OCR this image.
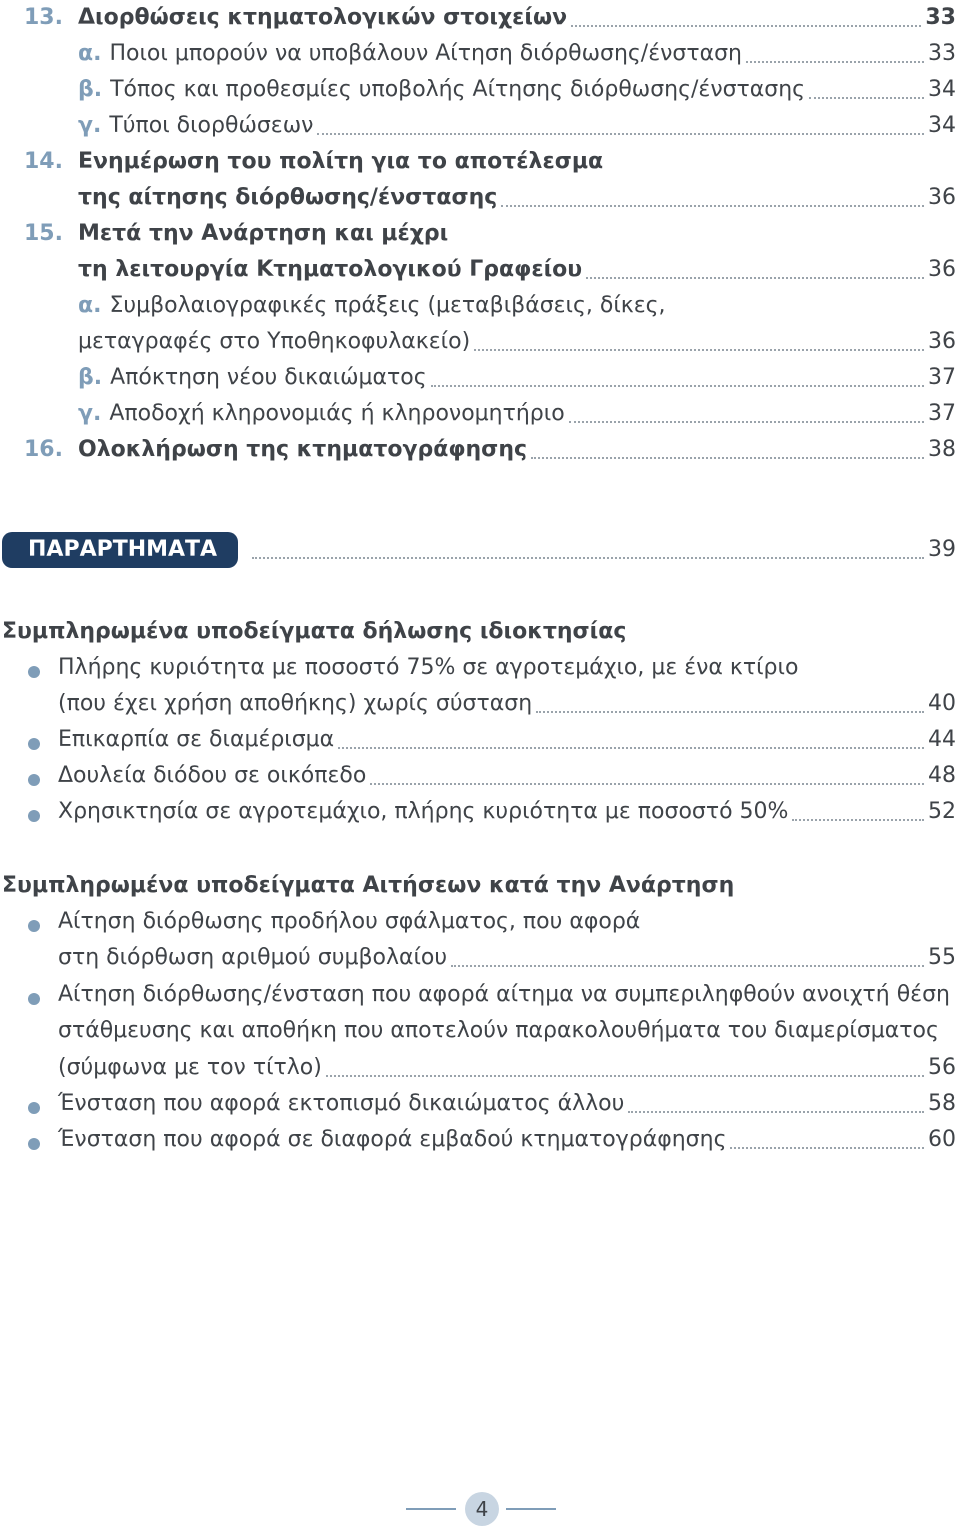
13. Διορθώσεις κτηματολογικών στοιχείων	33
α. Ποιοι μπορούν να υποβάλουν Αίτηση διόρθωσης/ένσταση	33
β. Τόπος και προθεσμίες υποβολής Αίτησης διόρθωσης/ένστασης	34
γ. Τύποι διορθώσεων	34
14. Ενημέρωση του πολίτη για το αποτέλεσμα
της αίτησης διόρθωσης/ένστασης	36
15. Μετά την Ανάρτηση και μέχρι
τη λειτουργία Κτηματολογικού Γραφείου	36
α. Συμβολαιογραφικές πράξεις (μεταβιβάσεις, δίκες,
μεταγραφές στο Υποθηκοφυλακείο)	36
β. Απόκτηση νέου δικαιώματος	37
γ. Αποδοχή κληρονομιάς ή κληρονομητήριο	37
16. Ολοκλήρωση της κτηματογράφησης	38
ΠΑΡΑΡΤΗΜΑΤΑ	39
Συμπληρωμένα υποδείγματα δήλωσης ιδιοκτησίας
Πλήρης κυριότητα με ποσοστό 75% σε αγροτεμάχιο, με ένα κτίριο
(που έχει χρήση αποθήκης) χωρίς σύσταση	40
Επικαρπία σε διαμέρισμα	44
Δουλεία διόδου σε οικόπεδο	48
Χρησικτησία σε αγροτεμάχιο, πλήρης κυριότητα με ποσοστό 50%	52
Συμπληρωμένα υποδείγματα Αιτήσεων κατά την Ανάρτηση
Αίτηση διόρθωσης προδήλου σφάλματος, που αφορά
στη διόρθωση αριθμού συμβολαίου	55
Αίτηση διόρθωσης/ένσταση που αφορά αίτημα να συμπεριληφθούν ανοιχτή θέση
στάθμευσης και αποθήκη που αποτελούν παρακολουθήματα του διαμερίσματος
(σύμφωνα με τον τίτλο)	56
Ένσταση που αφορά εκτοπισμό δικαιώματος άλλου	58
Ένσταση που αφορά σε διαφορά εμβαδού κτηματογράφησης	60
4
